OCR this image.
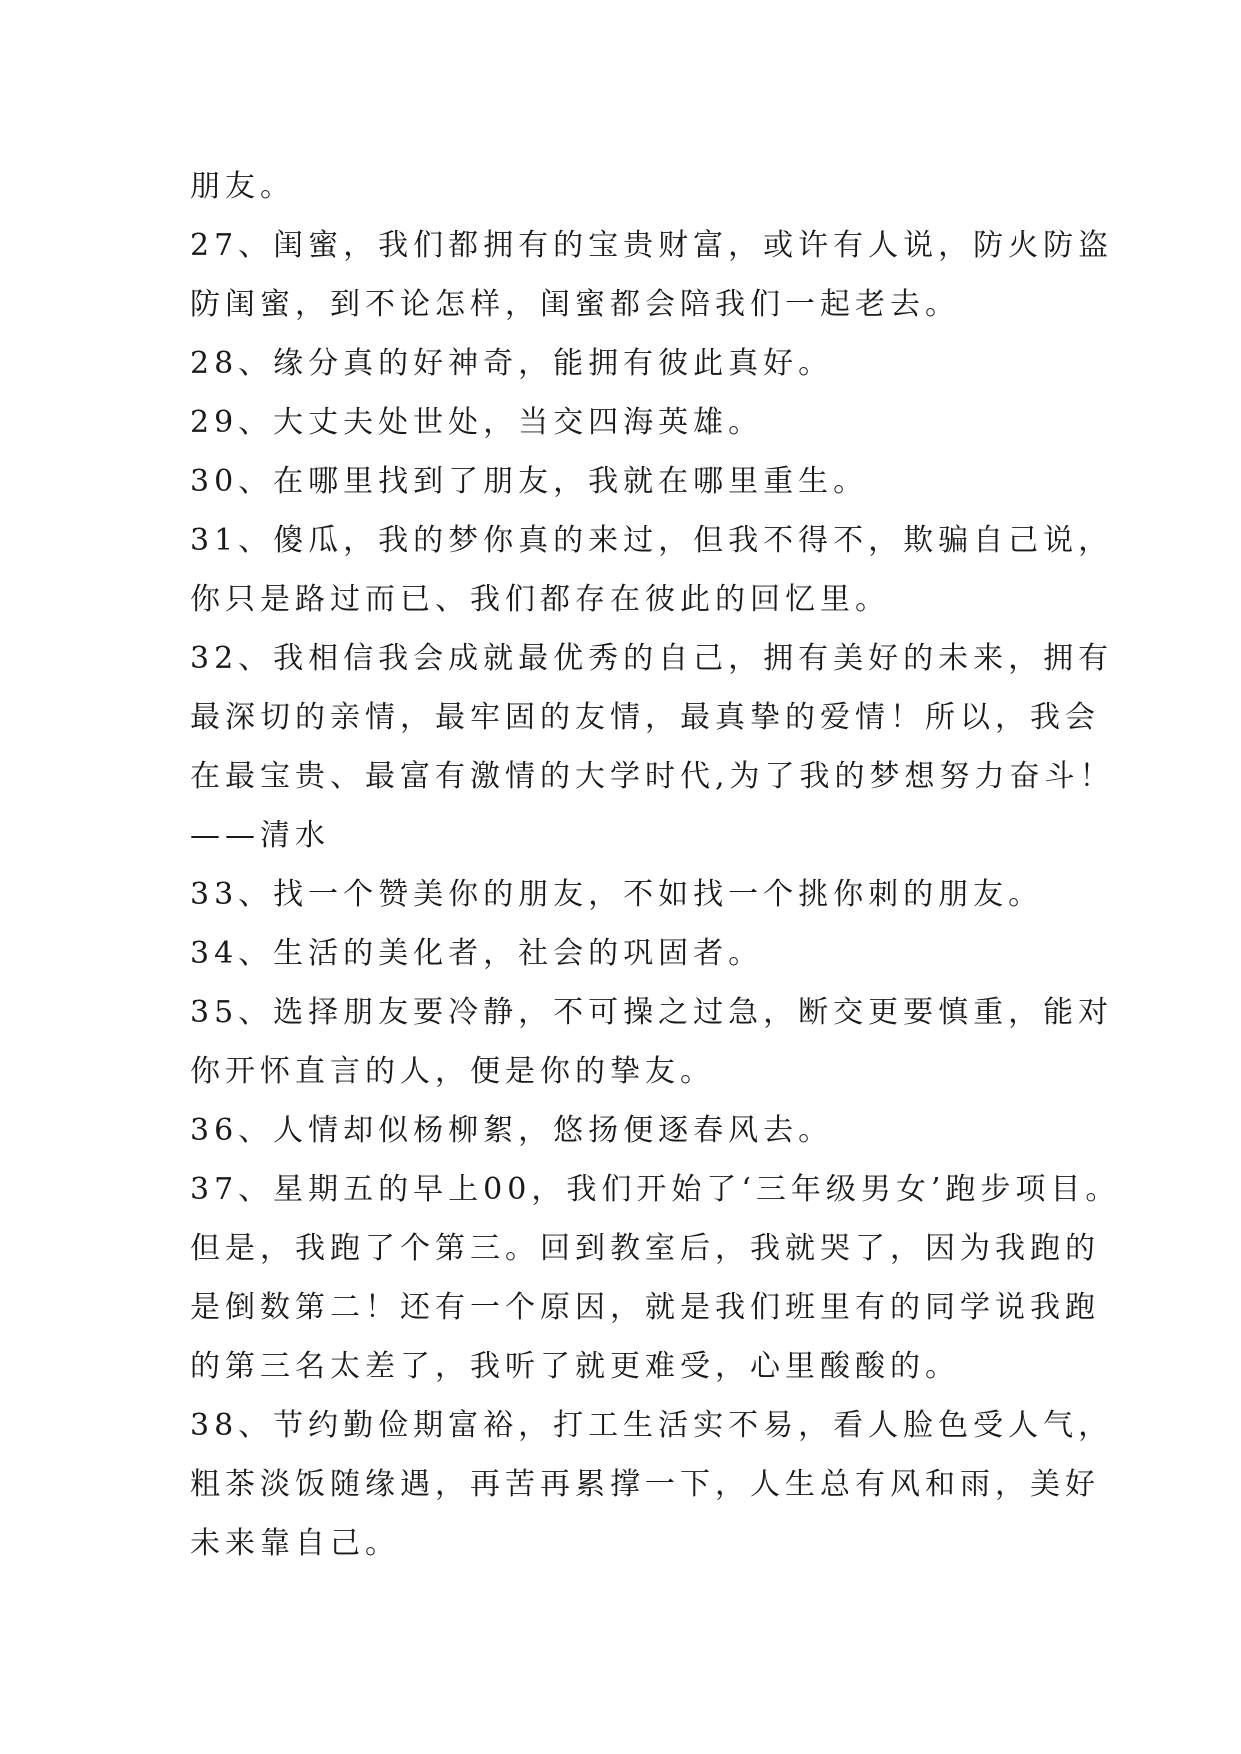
朋友。
27、闺蜜，我们都拥有的宝贵财富，或许有人说，防火防盗
防闺蜜，到不论怎样，闺蜜都会陪我们一起老去。
28、缘分真的好神奇，能拥有彼此真好。
29、大丈夫处世处，当交四海英雄。
30、在哪里找到了朋友，我就在哪里重生。
31、傻瓜，我的梦你真的来过，但我不得不，欺骗自己说，
你只是路过而已、我们都存在彼此的回忆里。
32、我相信我会成就最优秀的自己，拥有美好的未来，拥有
最深切的亲情，最牢固的友情，最真挚的爱情！所以，我会
在最宝贵、最富有激情的大学时代,为了我的梦想努力奋斗！
——清水
33、找一个赞美你的朋友，不如找一个挑你刺的朋友。
34、生活的美化者，社会的巩固者。
35、选择朋友要冷静，不可操之过急，断交更要慎重，能对
你开怀直言的人，便是你的挚友。
36、人情却似杨柳絮，悠扬便逐春风去。
37、星期五的早上00，我们开始了‘三年级男女’跑步项目。
但是，我跑了个第三。回到教室后，我就哭了，因为我跑的
是倒数第二！还有一个原因，就是我们班里有的同学说我跑
的第三名太差了，我听了就更难受，心里酸酸的。
38、节约勤俭期富裕，打工生活实不易，看人脸色受人气，
粗茶淡饭随缘遇，再苦再累撑一下，人生总有风和雨，美好
未来靠自己。
